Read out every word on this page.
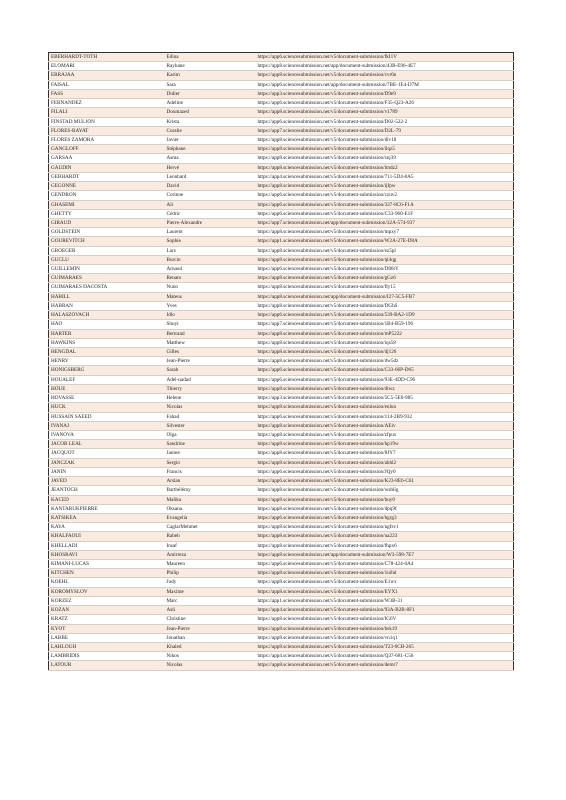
EBERHARDT-TOTH	Edina	https://app6.sciencesubmission.net/v5/document-submission/fkI1V
ELOMARI	Rayhane	https://app8.sciencesubmission.net/app/document-submission/43B-E96-4E7
ERRAJAA	Karim	https://app8.sciencesubmission.net/v5/document-submission/cvr6n
FAISAL	Sara	https://app6.sciencesubmission.net/app/document-submission/7BE-1E4-D7M
FASS	Didier	https://app3.sciencesubmission.net/v5/document-submission/D9e9
FERNANDEZ	Adeline	https://app6.sciencesubmission.net/v5/document-submission/F35-Q23-A26
FILALI	Doumazed	https://app8.sciencesubmission.net/v5/document-submission/v1789
FINSTAD MULJON	Krista	https://app6.sciencesubmission.net/v5/document-submission/D02-522-2
FLORES-RAYAT	Coralie	https://app7.sciencesubmission.net/v5/document-submission/D2L-79
FLORES ZAMORA	Javier	https://app8.sciencesubmission.net/v5/document-submission/dlv18
GANGLOFF	Stéphane	https://app8.sciencesubmission.net/v5/document-submission/ilqz5
GARSAA	Asma	https://app8.sciencesubmission.net/v5/document-submission/snj39
GAUDIN	Hervé	https://app8.sciencesubmission.net/v5/document-submission/lmdz2
GEBHARDT	Leonhard	https://app4.sciencesubmission.net/v5/document-submission/711-5D4-8A5
GEGONNE	David	https://app8.sciencesubmission.net/v5/document-submission/ijfpw
GENDRON	Corinne	https://app6.sciencesubmission.net/v5/document-submission/czuv2
GHASEMI	Ali	https://app6.sciencesubmission.net/v5/document-submission/337-8C6-F1A
GHETTY	Cédric	https://app6.sciencesubmission.net/v5/document-submission/C33-960-E1F
GIRAUD	Pierre-Alexandre	https://app7.sciencesubmission.net/app/document-submission/32A-574-937
GOLDSTEIN	Laurent	https://app8.sciencesubmission.net/v5/document-submission/mpxy7
GOUREVITCH	Sophie	https://app1.sciencesubmission.net/v5/document-submission/W2A-27E-D8A
GROEGER	Lars	https://app8.sciencesubmission.net/v5/document-submission/ez5pl
GUCLU	Burcin	https://app8.sciencesubmission.net/v5/document-submission/ql4qg
GUILLEMIN	Arnaud	https://app6.sciencesubmission.net/v5/document-submission/D86tY
GUIMARAES	Renato	https://app8.sciencesubmission.net/v5/document-submission/gGz6
GUIMARAES DACOSTA	Nuno	https://app8.sciencesubmission.net/v5/document-submission/fly15
HABILL	Mateus	https://app8.sciencesubmission.net/app/document-submission/I27-5C5-FB7
HABRAN	Yves	https://app8.sciencesubmission.net/v5/document-submission/DGhS
HALASZOVACH	Idlo	https://app6.sciencesubmission.net/v5/document-submission/539-BA2-1D9
HAO	Shuyi	https://app7.sciencesubmission.net/v5/document-submission/1B4-B59-196
HARTER	Bertrand	https://app8.sciencesubmission.net/v5/document-submission/mP5222
HAWKINS	Matthew	https://app8.sciencesubmission.net/v5/document-submission/iqs58
HENGDAL	Gilles	https://app8.sciencesubmission.net/v5/document-submission/dj126
HENRY	Jean-Pierre	https://app8.sciencesubmission.net/v5/document-submission/dw5dz
HONIGSBERG	Sarah	https://app6.sciencesubmission.net/v5/document-submission/C33-66P-D65
HOUALEF	Adel-nadad	https://app6.sciencesubmission.net/v5/document-submission/93E-4DD-C96
HOUE	Thierry	https://app8.sciencesubmission.net/v5/document-submission/dlwz
HOVASSE	Helene	https://app3.sciencesubmission.net/v5/document-submission/5C5-5E0-985
HUCK	Nicolas	https://app8.sciencesubmission.net/v5/document-submission/enlun
HUSSAIN SAEED	Fahad	https://app6.sciencesubmission.net/v5/document-submission/114-2B9-932
IVANAJ	Silvester	https://app8.sciencesubmission.net/v5/document-submission/AEiv
IVANOVA	Olga	https://app8.sciencesubmission.net/v5/document-submission/zfpux
JACOB LEAL	Sandrine	https://app8.sciencesubmission.net/v5/document-submission/hp19w
JACQUOT	Janine	https://app8.sciencesubmission.net/v5/document-submission/8JY7
JANCZAK	Sergio	https://app8.sciencesubmission.net/v5/document-submission/abhl2
JANIN	Francis	https://app6.sciencesubmission.net/v5/document-submission/JQy0
JAVED	Arslan	https://app6.sciencesubmission.net/v5/document-submission/K23-8E6-C61
JEANTOCH	Barthélémy	https://app8.sciencesubmission.net/v5/document-submission/wsblig
KACED	Malika	https://app8.sciencesubmission.net/v5/document-submission/buy0
KANTARUKPIERRE	Oksana	https://app8.sciencesubmission.net/v5/document-submission/dpq9f
KATSIKEA	Evangelia	https://app6.sciencesubmission.net/v5/document-submission/hgrg3
KAYA	CaglarMehmet	https://app8.sciencesubmission.net/v5/document-submission/ugfsv1
KHALFAOUI	Rabeh	https://app8.sciencesubmission.net/v5/document-submission/ua223
KHELLADI	Insaf	https://app8.sciencesubmission.net/v5/document-submission/fhpx6
KHOSRAVI	Amirreza	https://app8.sciencesubmission.net/app/document-submission/W3-598-7E7
KIMANI-LUCAS	Maureen	https://app6.sciencesubmission.net/v5/document-submission/C78-424-6A4
KITCHEN	Philip	https://app8.sciencesubmission.net/v5/document-submission/1uihd
KOEHL	Judy	https://app8.sciencesubmission.net/v5/document-submission/E1wx
KOROMYSLOV	Maxime	https://app8.sciencesubmission.net/v5/document-submission/EYX1
KORZEZ	Marc	https://app1.sciencesubmission.net/v5/document-submission/W3B-31
KOZAN	Asli	https://app4.sciencesubmission.net/v5/document-submission/93A-B2B-8F1
KRATZ	Christine	https://app8.sciencesubmission.net/v5/document-submission/IG6V
KYOT	Jean-Pierre	https://app8.sciencesubmission.net/v5/document-submission/bsk19
LABBE	Jonathan	https://app8.sciencesubmission.net/v5/document-submission/vn1q1
LAHLOUH	Khaled	https://app8.sciencesubmission.net/v5/document-submission/T23-6CB-265
LAMBRIDIS	Nikos	https://app4.sciencesubmission.net/v5/document-submission/Q37-681-C56
LATOUR	Nicolas	https://app8.sciencesubmission.net/v5/document-submission/demr7
